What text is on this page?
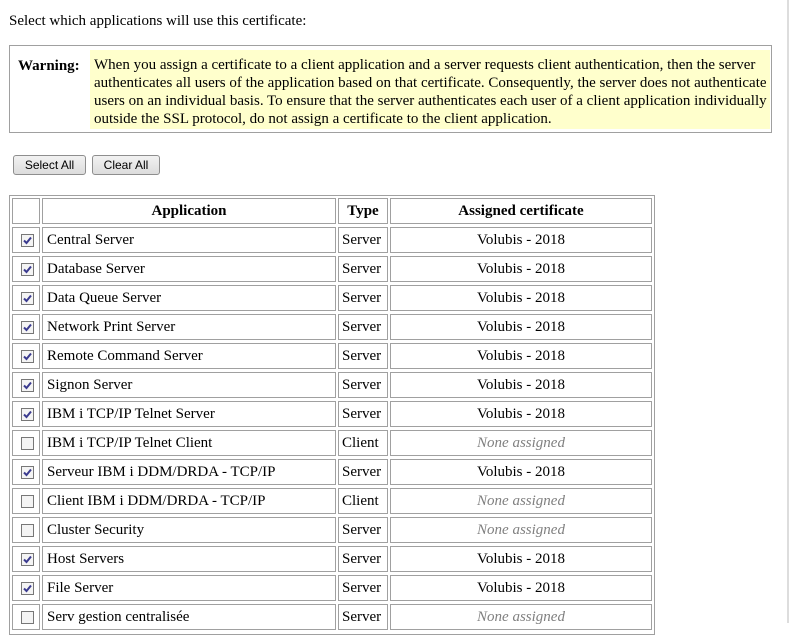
Select which applications will use this certificate:
Warning: When you assign a certificate to a client application and a server requests client authentication, then the server authenticates all users of the application based on that certificate. Consequently, the server does not authenticate users on an individual basis. To ensure that the server authenticates each user of a client application individually outside the SSL protocol, do not assign a certificate to the client application.
Select All	Clear All
Application	Type	Assigned certificate
Central Server	Server	Volubis - 2018
Database Server	Server	Volubis - 2018
Data Queue Server	Server	Volubis - 2018
Network Print Server	Server	Volubis - 2018
Remote Command Server	Server	Volubis - 2018
Signon Server	Server	Volubis - 2018
IBM i TCP/IP Telnet Server	Server	Volubis - 2018
IBM i TCP/IP Telnet Client	Client	None assigned
Serveur IBM i DDM/DRDA - TCP/IP	Server	Volubis - 2018
Client IBM i DDM/DRDA - TCP/IP	Client	None assigned
Cluster Security	Server	None assigned
Host Servers	Server	Volubis - 2018
File Server	Server	Volubis - 2018
Serv gestion centralisée	Server	None assigned
